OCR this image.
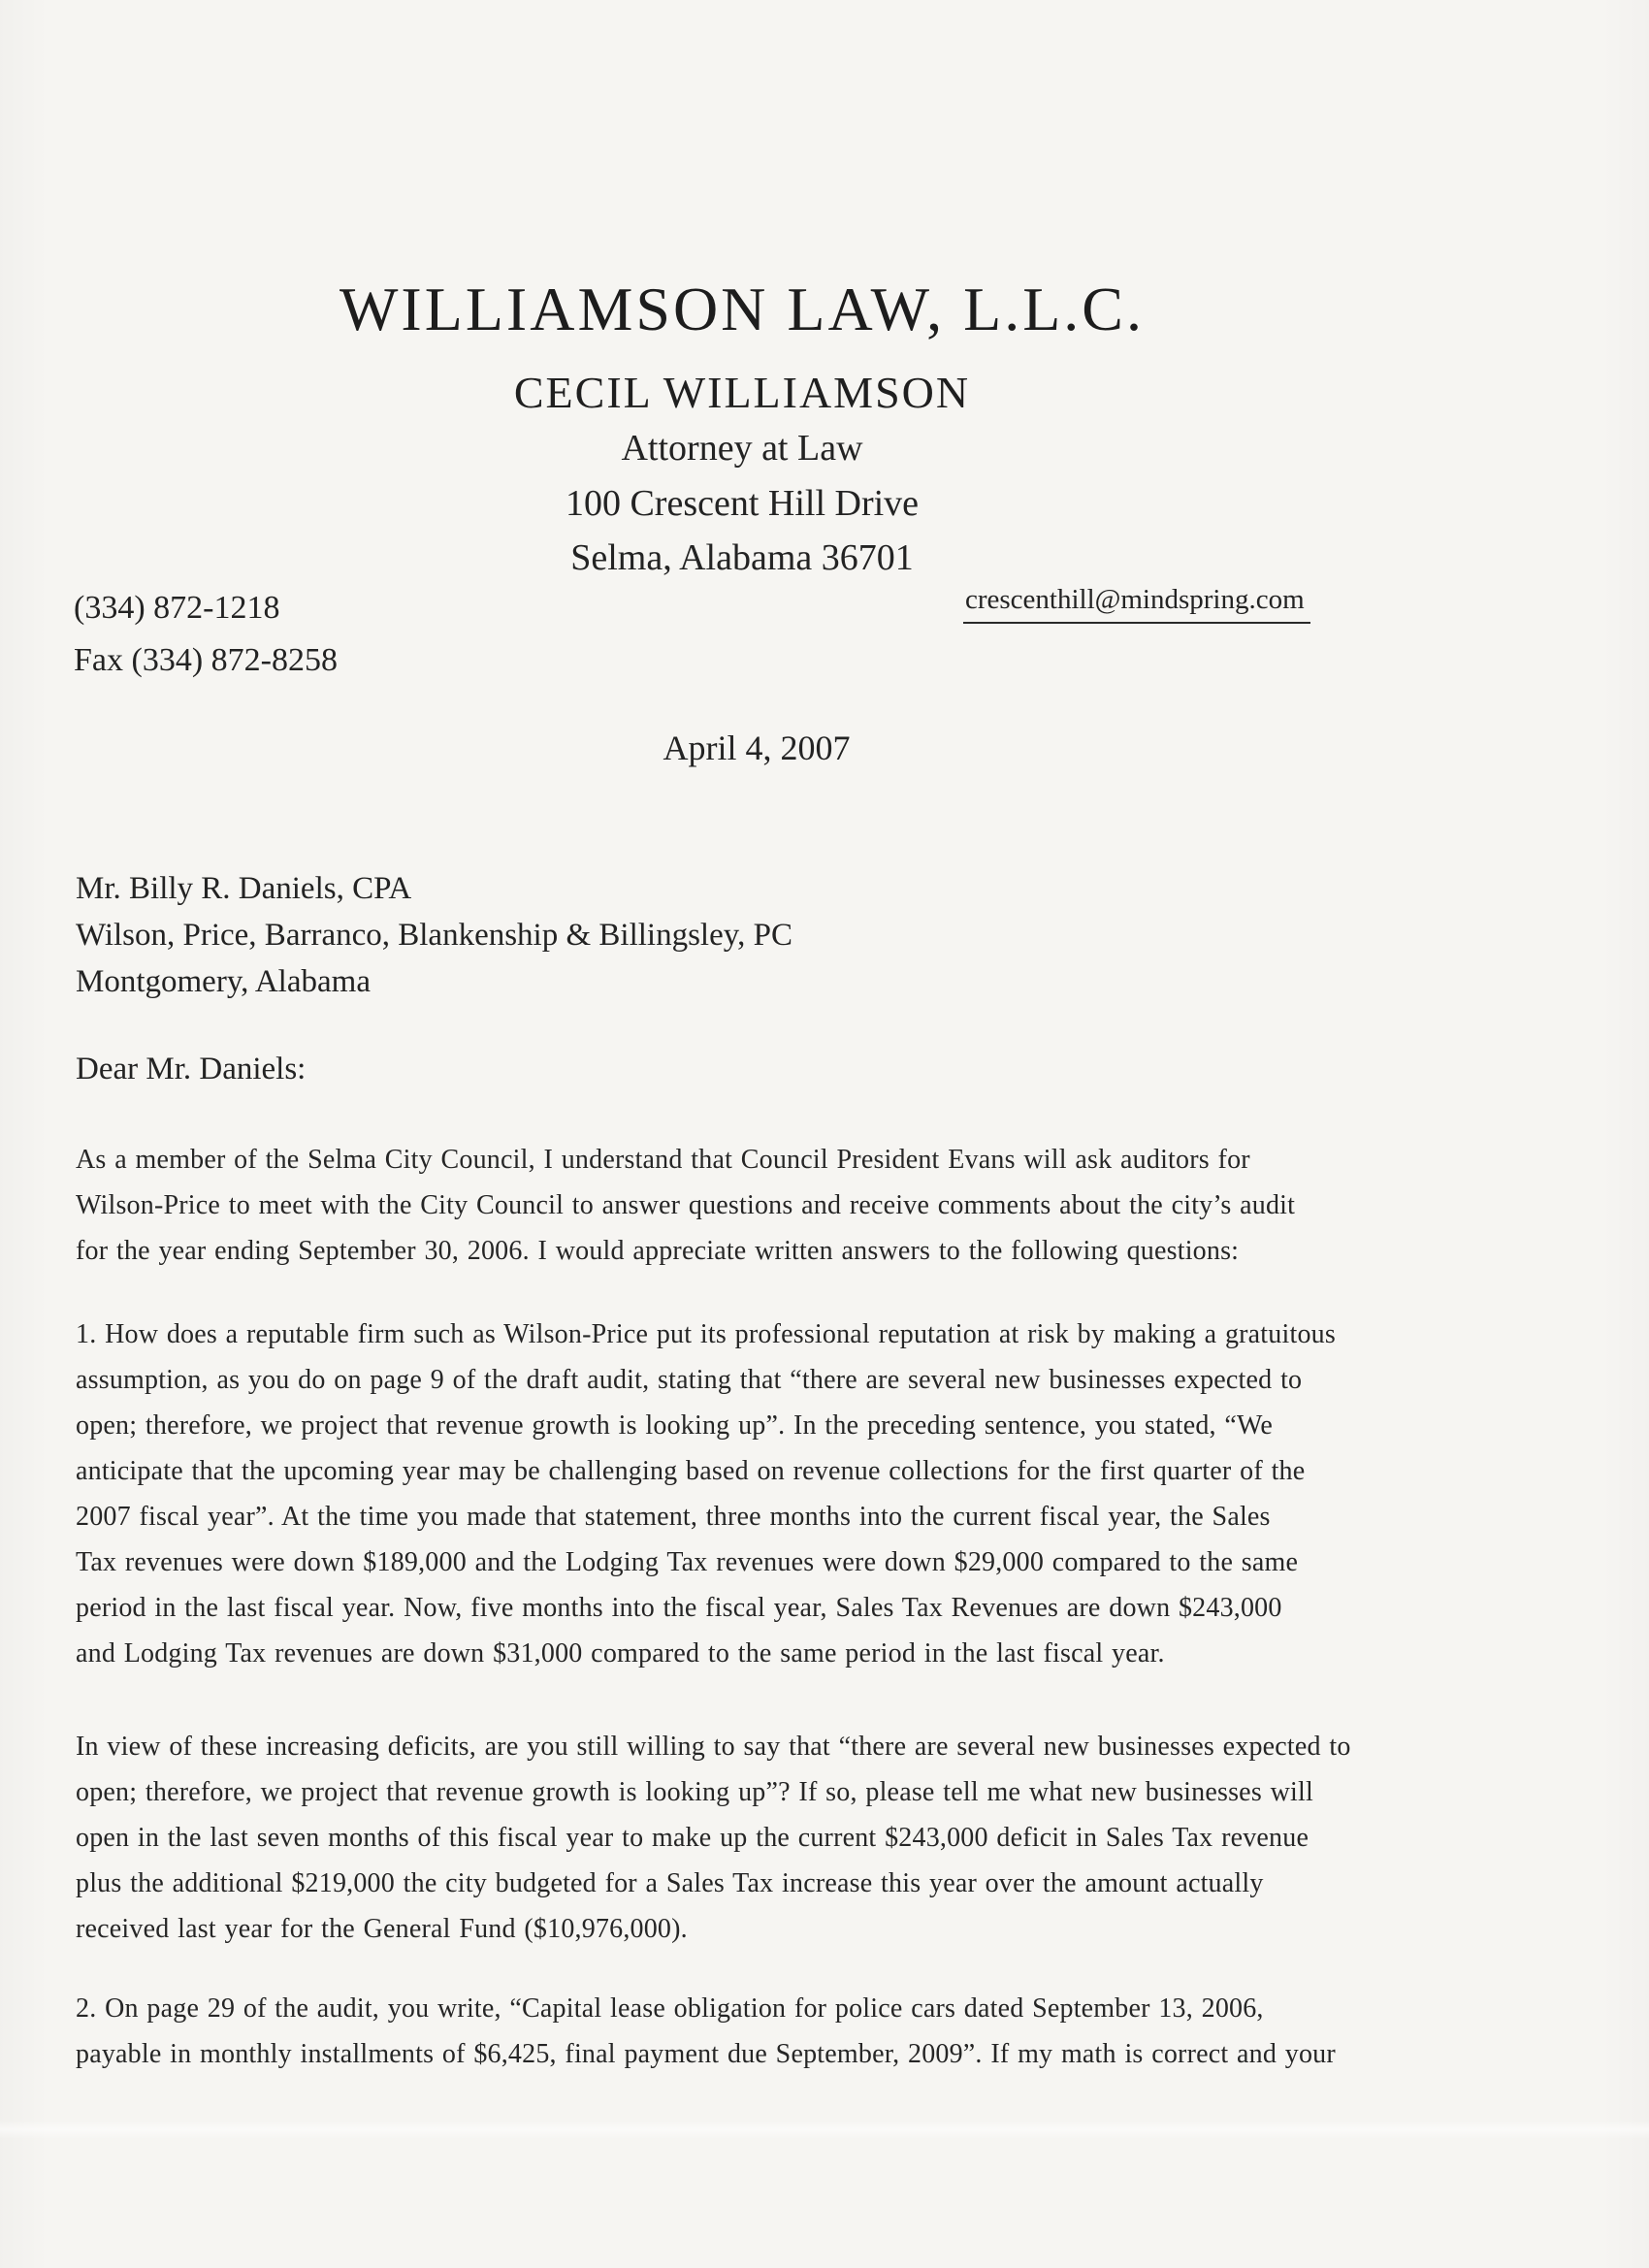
WILLIAMSON LAW, L.L.C.
CECIL WILLIAMSON
Attorney at Law
100 Crescent Hill Drive
Selma, Alabama 36701
(334) 872-1218
Fax (334) 872-8258
crescenthill@mindspring.com
April 4, 2007
Mr. Billy R. Daniels, CPA
Wilson, Price, Barranco, Blankenship & Billingsley, PC
Montgomery, Alabama
Dear Mr. Daniels:
As a member of the Selma City Council, I understand that Council President Evans will ask auditors for
Wilson-Price to meet with the City Council to answer questions and receive comments about the city’s audit
for the year ending September 30, 2006. I would appreciate written answers to the following questions:
1. How does a reputable firm such as Wilson-Price put its professional reputation at risk by making a gratuitous
assumption, as you do on page 9 of the draft audit, stating that “there are several new businesses expected to
open; therefore, we project that revenue growth is looking up”. In the preceding sentence, you stated, “We
anticipate that the upcoming year may be challenging based on revenue collections for the first quarter of the
2007 fiscal year”. At the time you made that statement, three months into the current fiscal year, the Sales
Tax revenues were down $189,000 and the Lodging Tax revenues were down $29,000 compared to the same
period in the last fiscal year. Now, five months into the fiscal year, Sales Tax Revenues are down $243,000
and Lodging Tax revenues are down $31,000 compared to the same period in the last fiscal year.
In view of these increasing deficits, are you still willing to say that “there are several new businesses expected to
open; therefore, we project that revenue growth is looking up”? If so, please tell me what new businesses will
open in the last seven months of this fiscal year to make up the current $243,000 deficit in Sales Tax revenue
plus the additional $219,000 the city budgeted for a Sales Tax increase this year over the amount actually
received last year for the General Fund ($10,976,000).
2. On page 29 of the audit, you write, “Capital lease obligation for police cars dated September 13, 2006,
payable in monthly installments of $6,425, final payment due September, 2009”. If my math is correct and your
